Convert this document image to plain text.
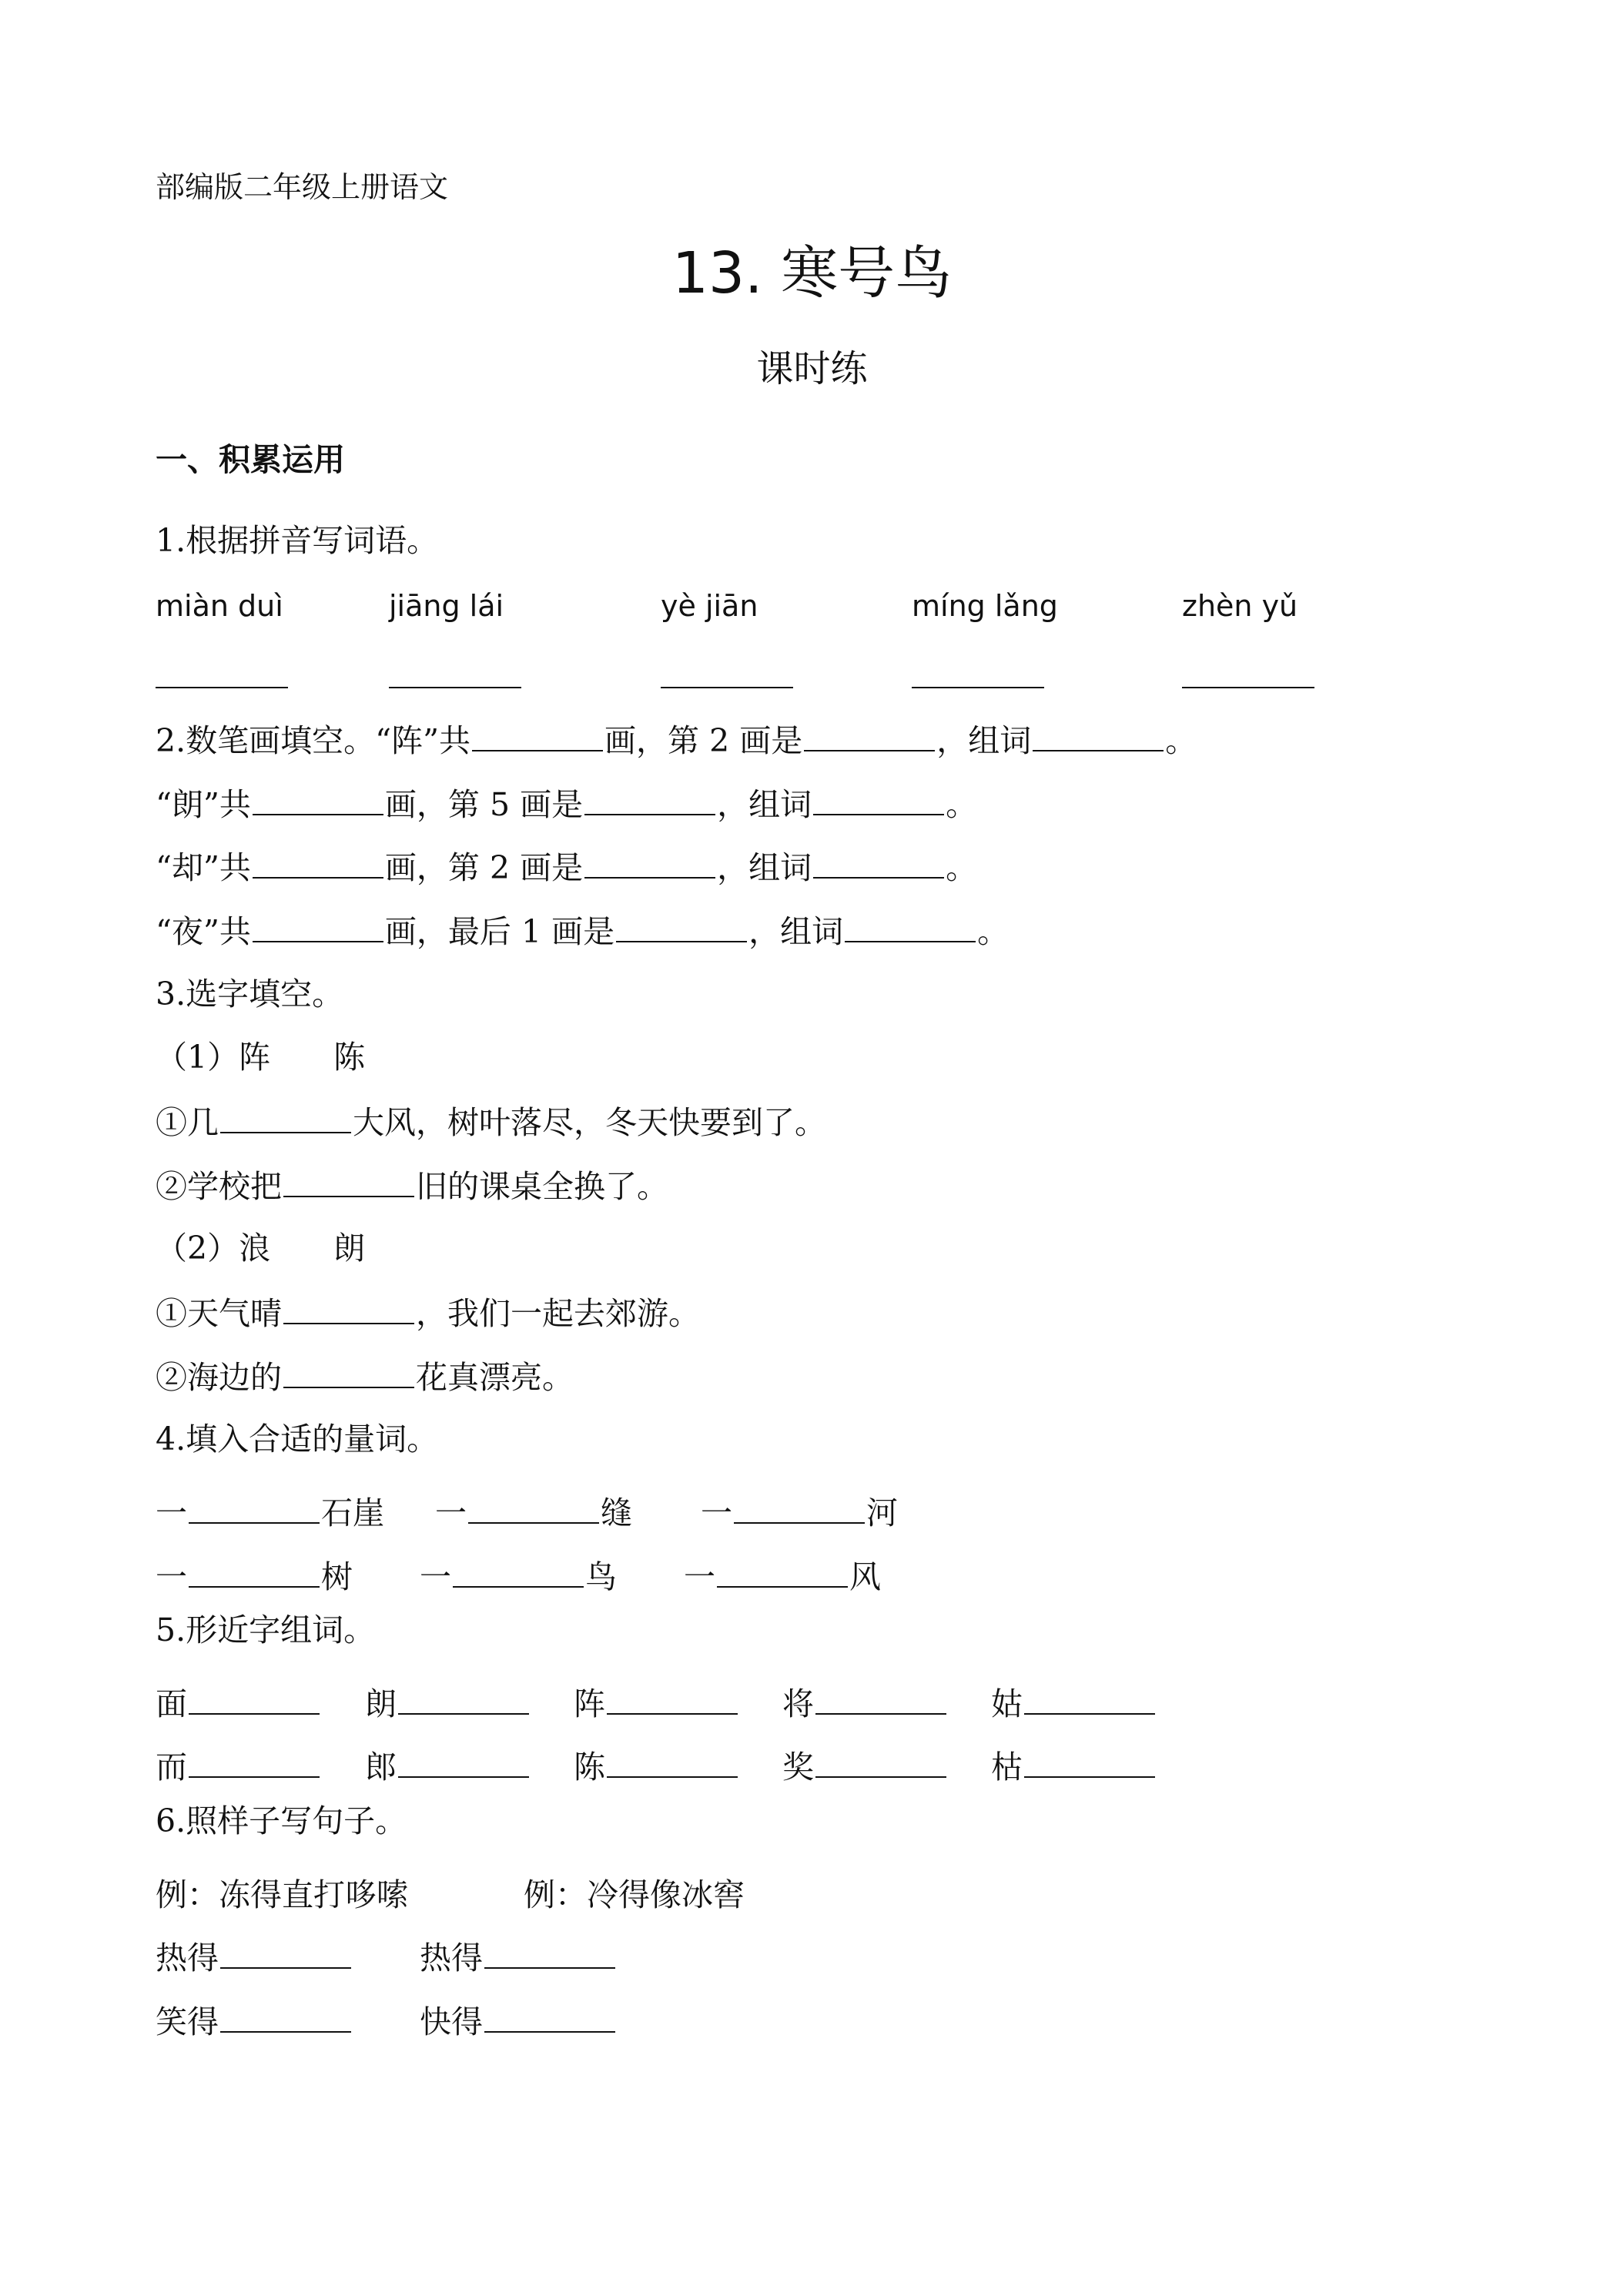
部编版二年级上册语文
13. 寒号鸟
课时练
一、积累运用
1.根据拼音写词语。
miàn duì	jiāng lái	yè jiān	míng lǎng	zhèn yǔ
2.数笔画填空。“阵”共	画，第 2 画是	，组词	。
“朗”共	画，第 5 画是	，组词	。
“却”共	画，第 2 画是	，组词	。
“夜”共	画，最后 1 画是	，组词	。
3.选字填空。
（1）阵　　陈
①几	大风，树叶落尽，冬天快要到了。
②学校把	旧的课桌全换了。
（2）浪　　朗
①天气晴	，我们一起去郊游。
②海边的	花真漂亮。
4.填入合适的量词。
一	石崖 一	缝 一	河
一	树 一	鸟 一	风
5.形近字组词。
面	朗	阵	将	姑
而	郎	陈	奖	枯
6.照样子写句子。
例：冻得直打哆嗦	例：冷得像冰窖
热得	热得
笑得	快得
